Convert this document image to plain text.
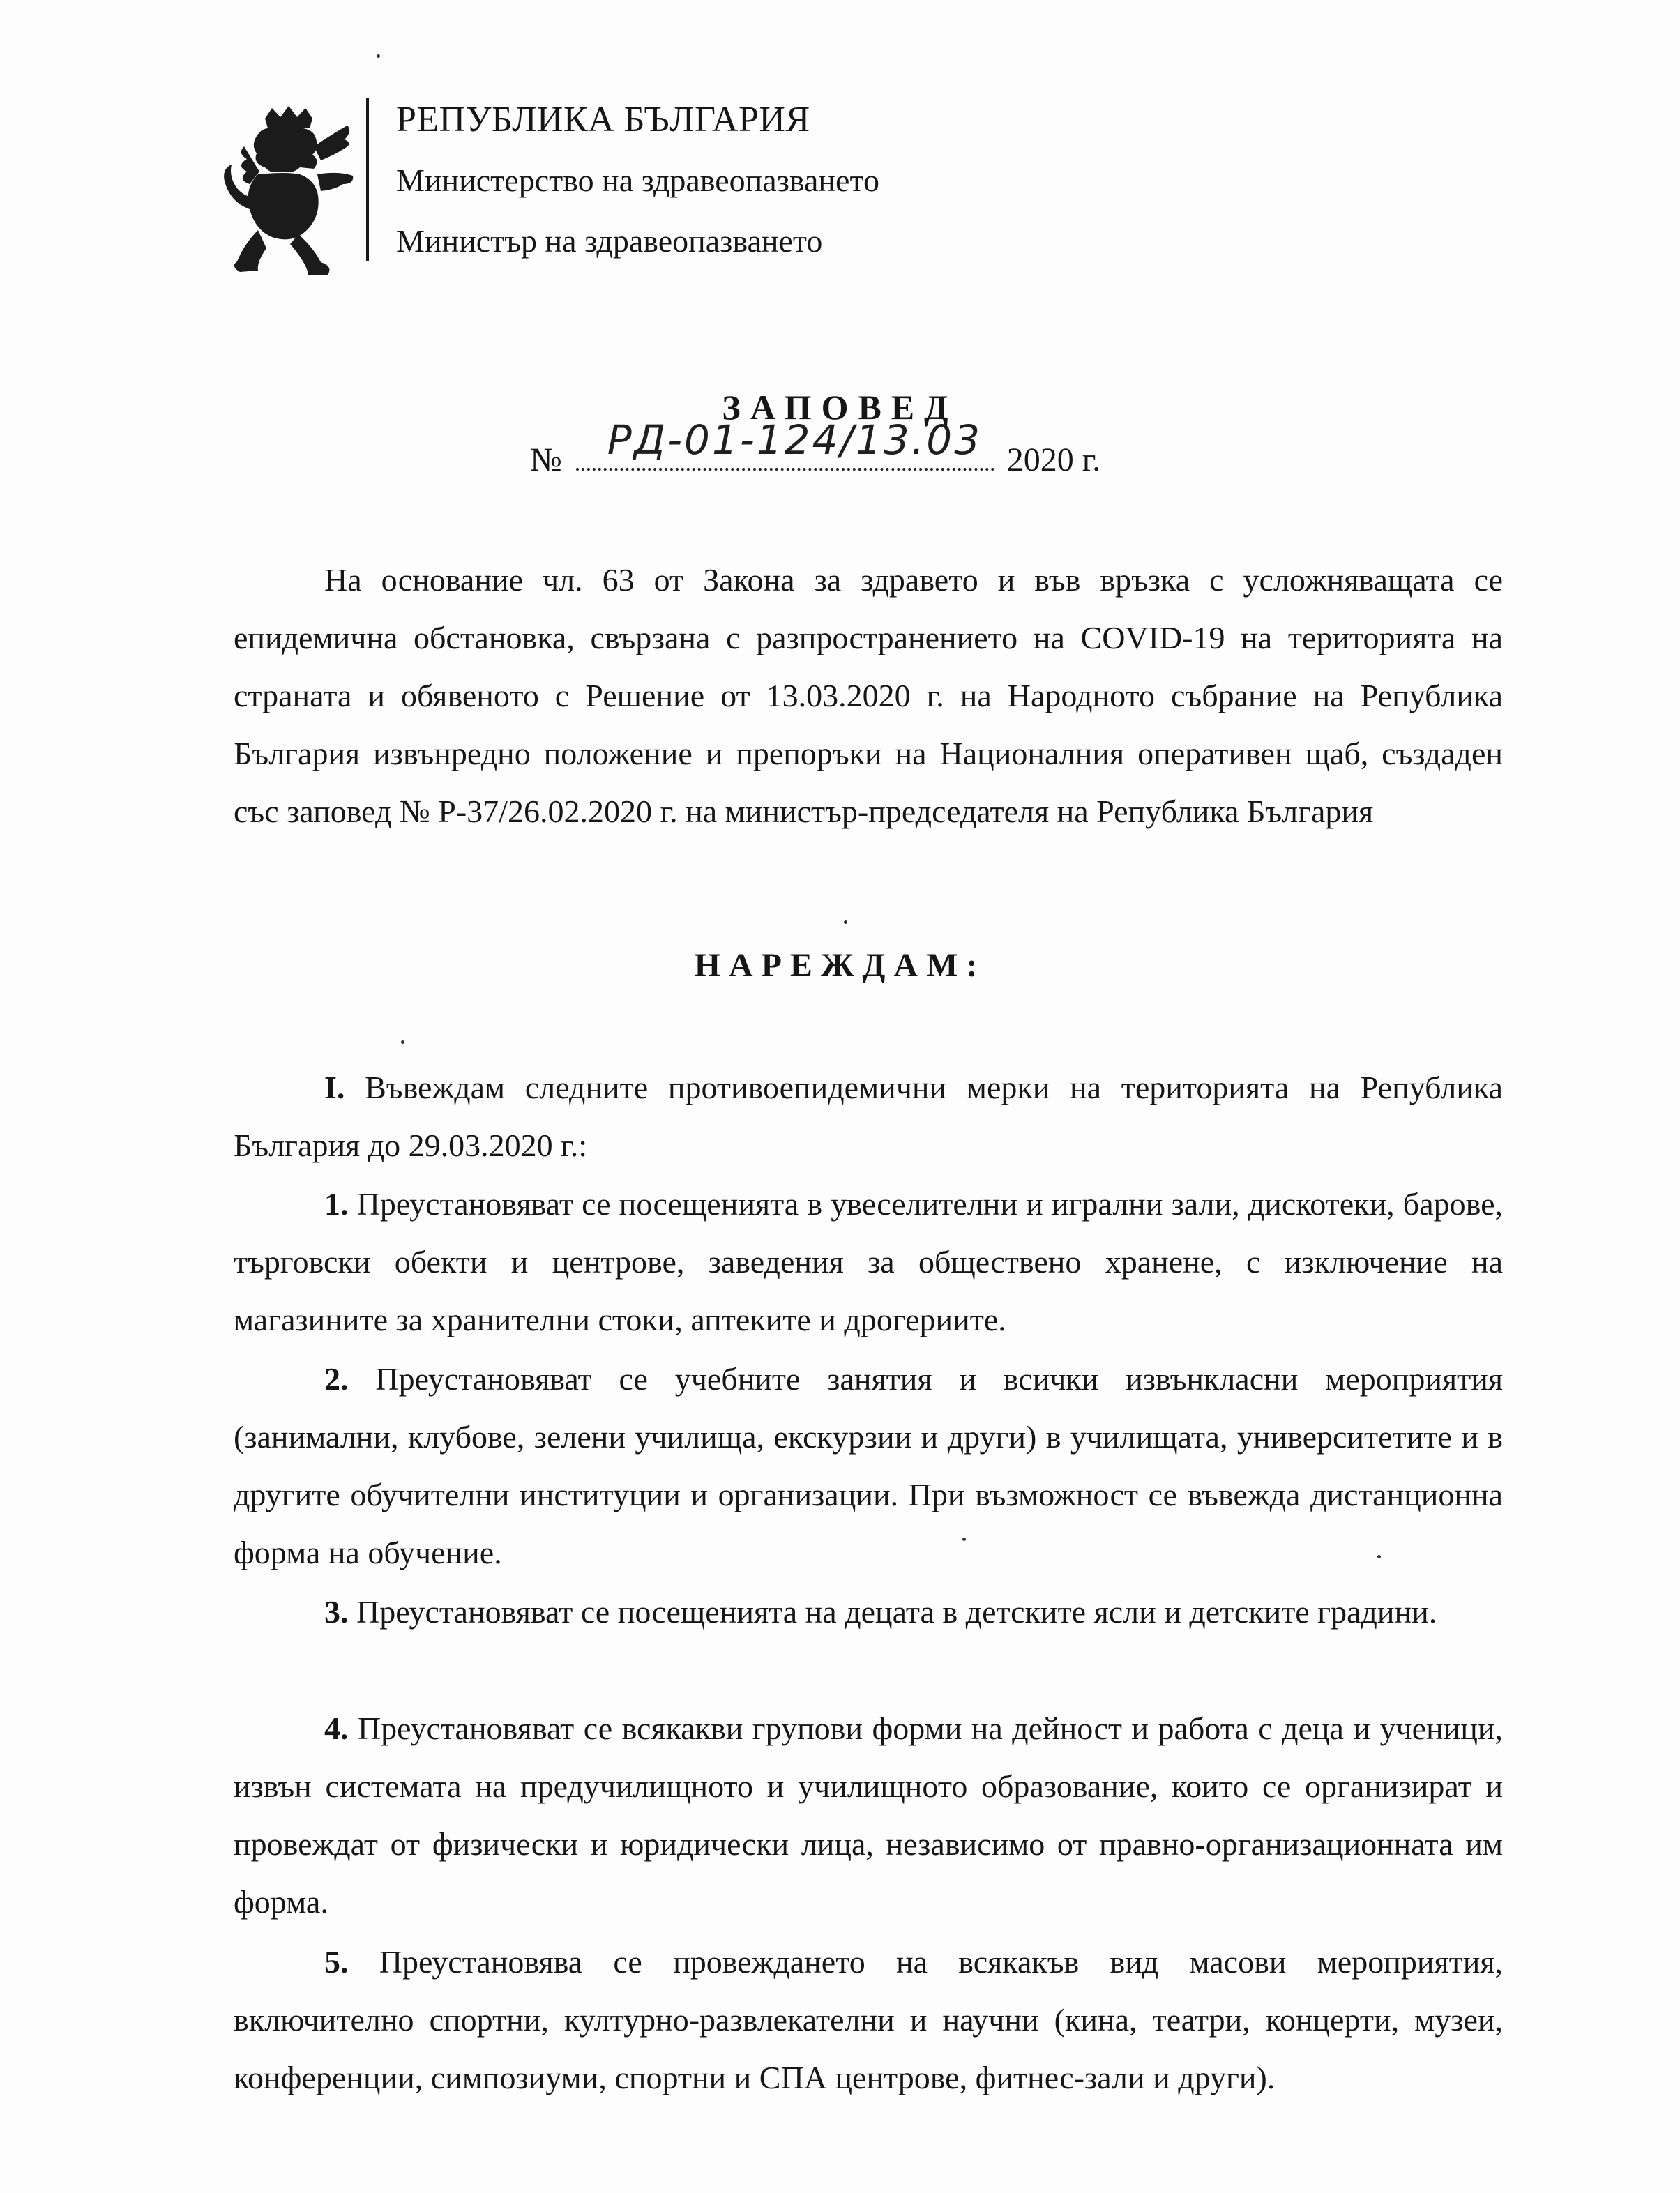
РЕПУБЛИКА БЪЛГАРИЯ
Министерство на здравеопазването
Министър на здравеопазването
ЗАПОВЕД
№ РД-01-124/13.03 2020 г.
На основание чл. 63 от Закона за здравето и във връзка с усложняващата се епидемична обстановка, свързана с разпространението на COVID-19 на територията на страната и обявеното с Решение от 13.03.2020 г. на Народното събрание на Република България извънредно положение и препоръки на Националния оперативен щаб, създаден със заповед № Р-37/26.02.2020 г. на министър-председателя на Република България
НАРЕЖДАМ:
I. Въвеждам следните противоепидемични мерки на територията на Република България до 29.03.2020 г.:
1. Преустановяват се посещенията в увеселителни и игрални зали, дискотеки, барове, търговски обекти и центрове, заведения за обществено хранене, с изключение на магазините за хранителни стоки, аптеките и дрогериите.
2. Преустановяват се учебните занятия и всички извънкласни мероприятия (занимални, клубове, зелени училища, екскурзии и други) в училищата, университетите и в другите обучителни институции и организации. При възможност се въвежда дистанционна форма на обучение.
3. Преустановяват се посещенията на децата в детските ясли и детските градини.
4. Преустановяват се всякакви групови форми на дейност и работа с деца и ученици, извън системата на предучилищното и училищното образование, които се организират и провеждат от физически и юридически лица, независимо от правно-организационната им форма.
5. Преустановява се провеждането на всякакъв вид масови мероприятия, включително спортни, културно-развлекателни и научни (кина, театри, концерти, музеи, конференции, симпозиуми, спортни и СПА центрове, фитнес-зали и други).
